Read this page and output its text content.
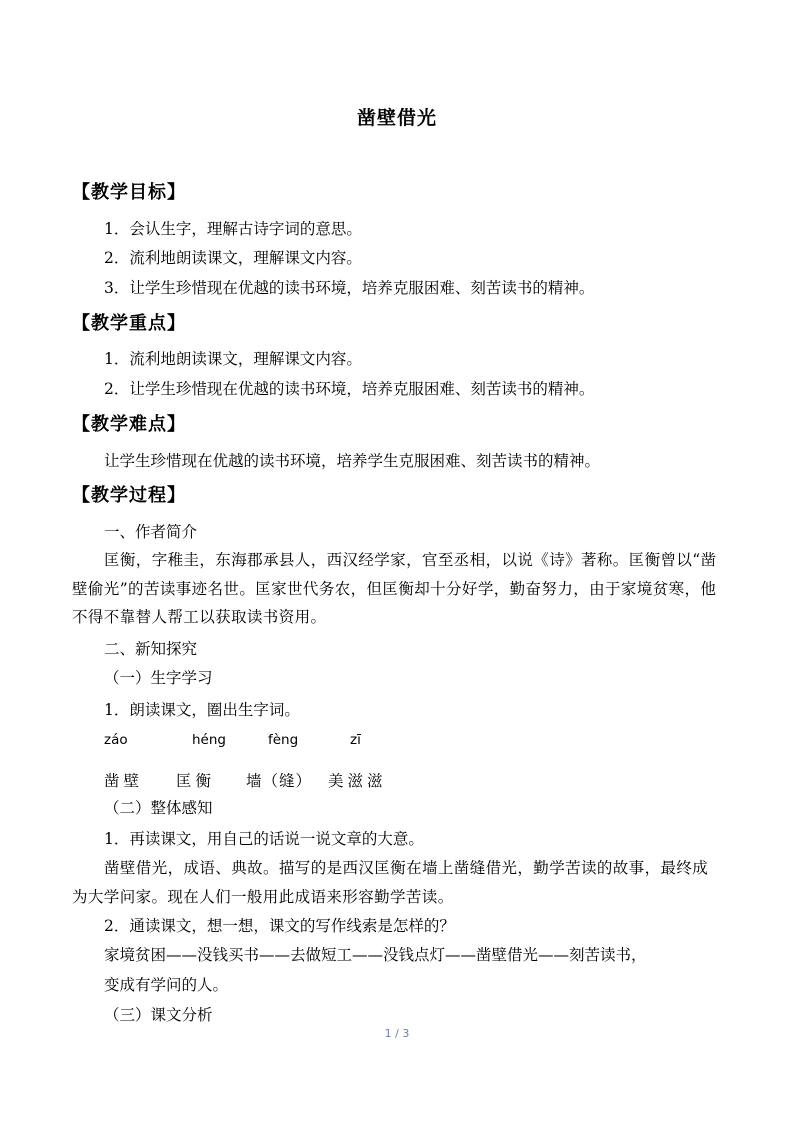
凿壁借光
【教学目标】
1．会认生字，理解古诗字词的意思。
2．流利地朗读课文，理解课文内容。
3．让学生珍惜现在优越的读书环境，培养克服困难、刻苦读书的精神。
【教学重点】
1．流利地朗读课文，理解课文内容。
2．让学生珍惜现在优越的读书环境，培养克服困难、刻苦读书的精神。
【教学难点】
让学生珍惜现在优越的读书环境，培养学生克服困难、刻苦读书的精神。
【教学过程】
一、作者简介
匡衡，字稚圭，东海郡承县人，西汉经学家，官至丞相，以说《诗》著称。匡衡曾以“凿壁偷光”的苦读事迹名世。匡家世代务农，但匡衡却十分好学，勤奋努力，由于家境贫寒，他不得不靠替人帮工以获取读书资用。
二、新知探究
（一）生字学习
1．朗读课文，圈出生字词。
záo	héng	fèng	zī
凿壁 匡衡 墙（缝） 美滋滋
（二）整体感知
1．再读课文，用自己的话说一说文章的大意。
凿壁借光，成语、典故。描写的是西汉匡衡在墙上凿缝借光，勤学苦读的故事，最终成为大学问家。现在人们一般用此成语来形容勤学苦读。
2．通读课文，想一想，课文的写作线索是怎样的？
家境贫困——没钱买书——去做短工——没钱点灯——凿壁借光——刻苦读书，
变成有学问的人。
（三）课文分析
1 / 3
